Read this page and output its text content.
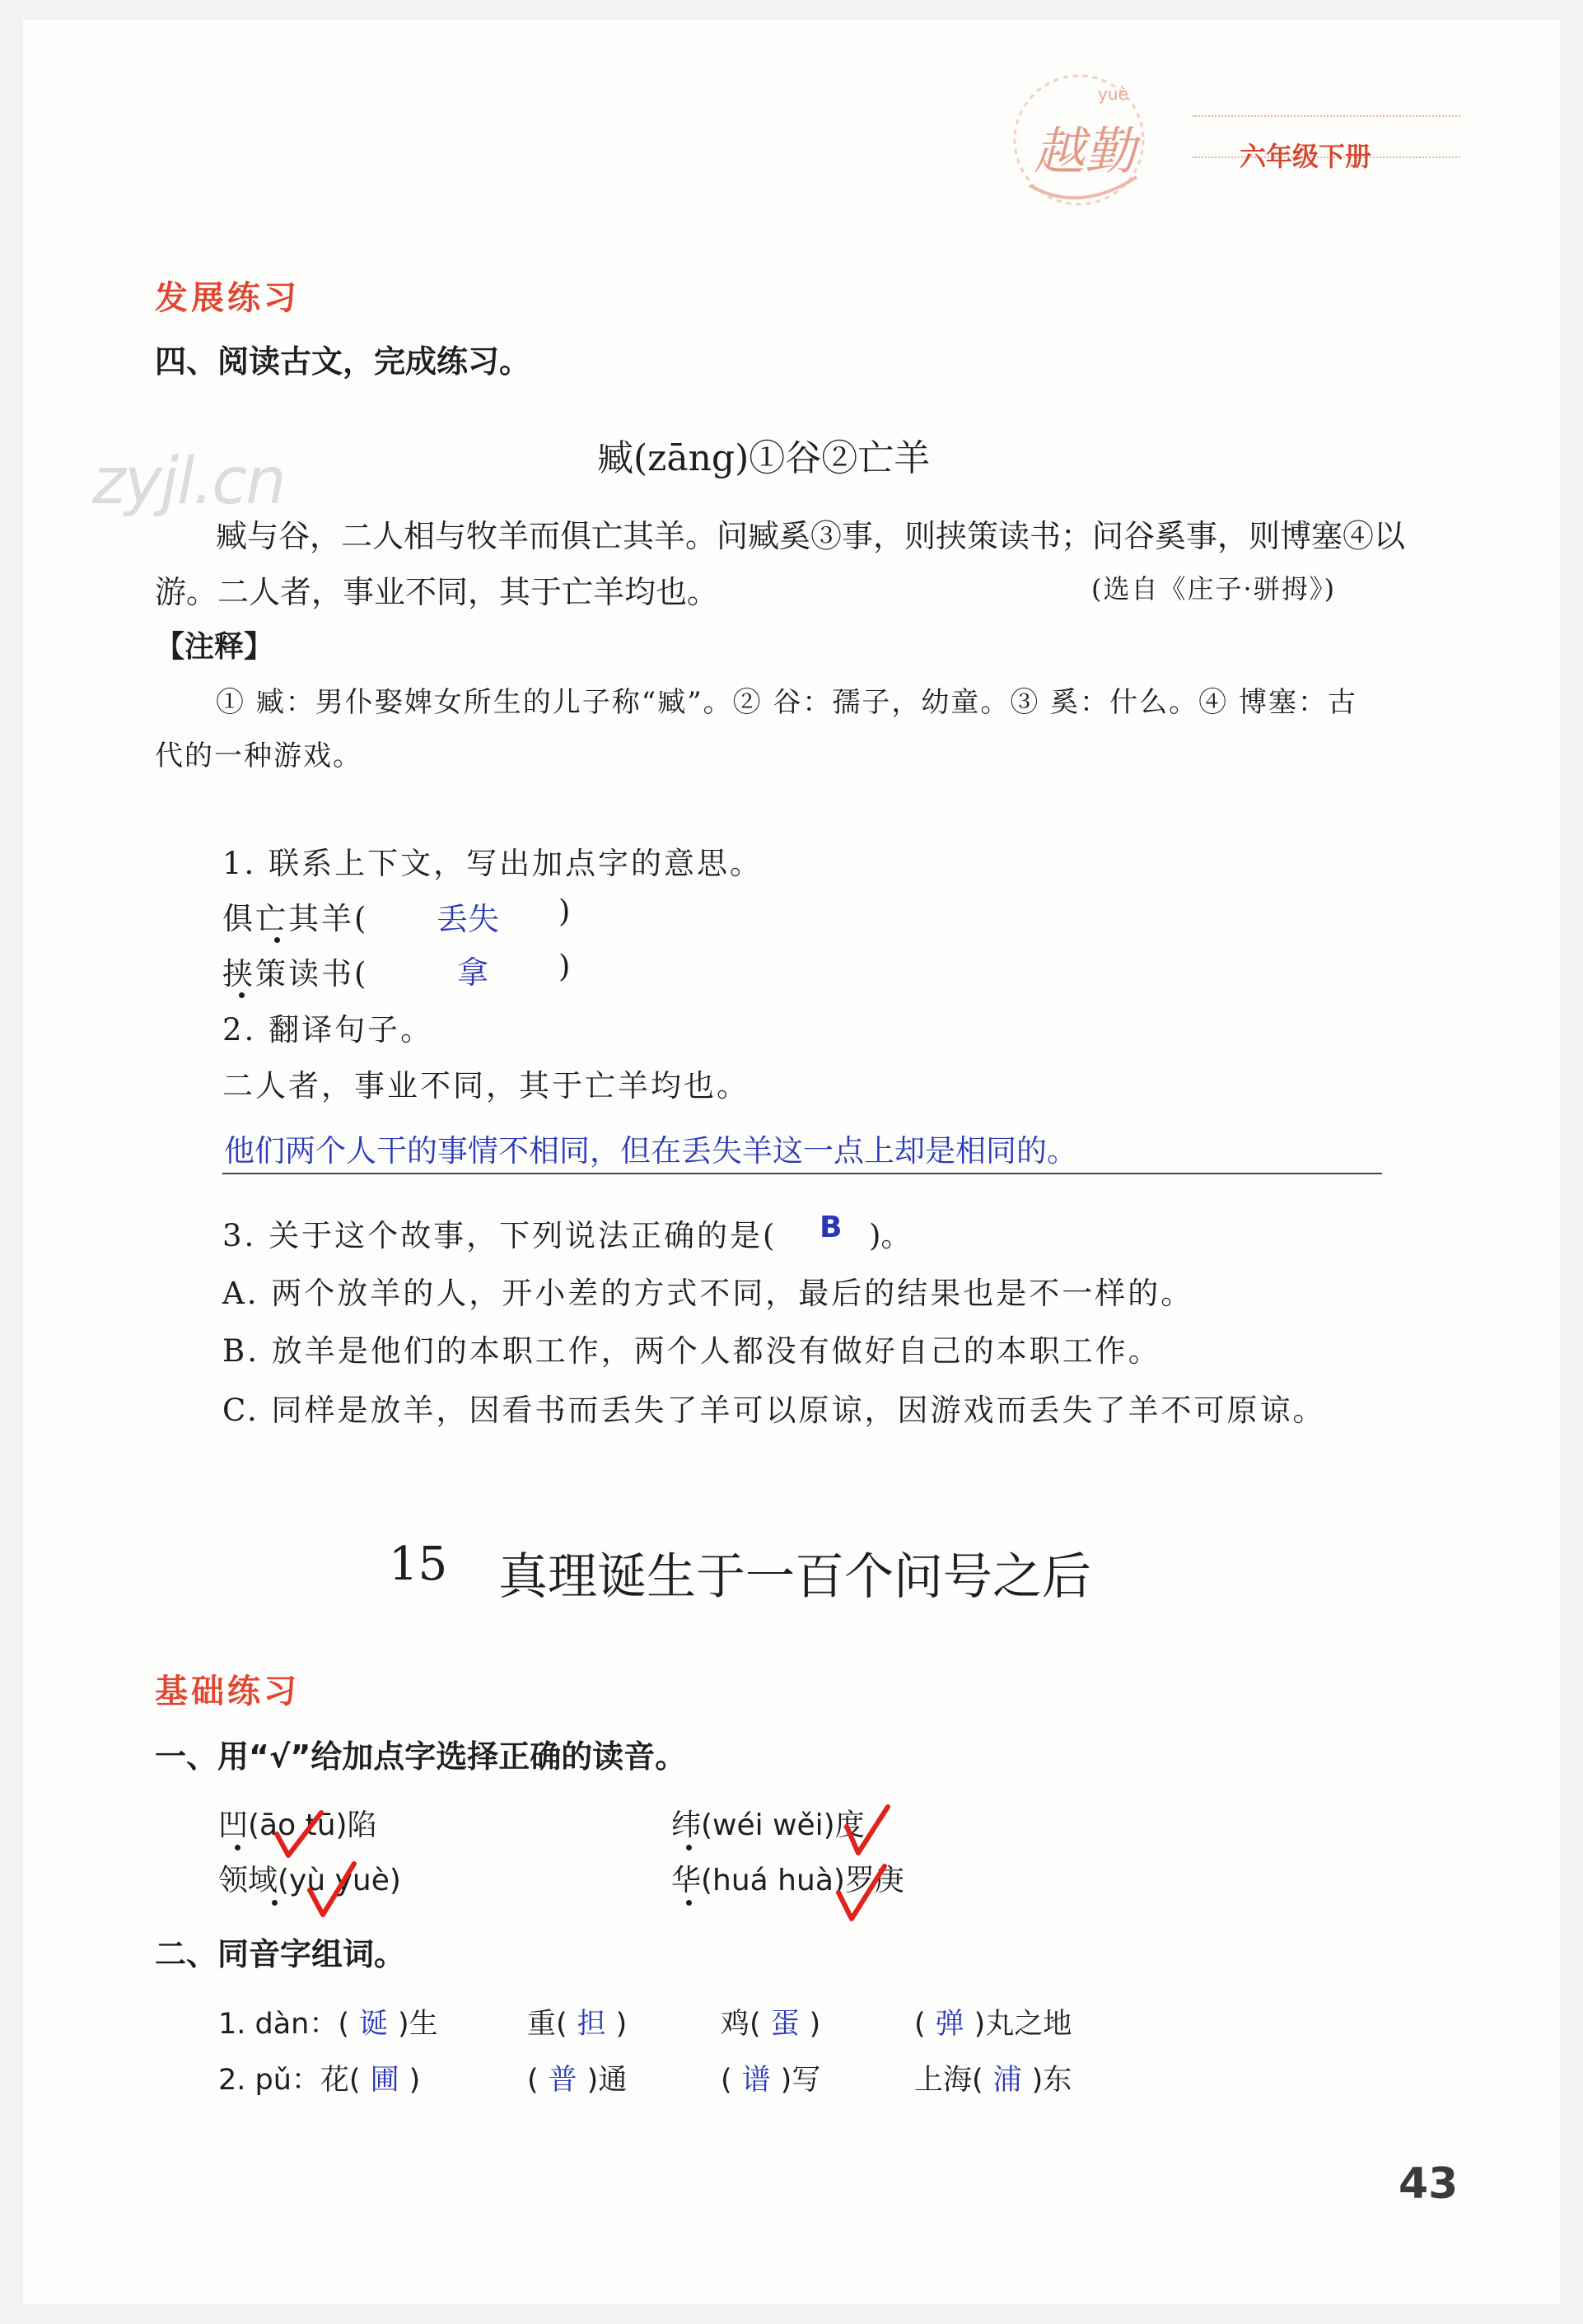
yuè
越勤	六年级下册
zyjl.cn
发展练习
四、阅读古文，完成练习。
臧(zāng)①谷②亡羊
臧与谷，二人相与牧羊而俱亡其羊。问臧奚③事，则挟策读书；问谷奚事，则博塞④以
游。二人者，事业不同，其于亡羊均也。	(选自《庄子·骈拇》)
【注释】
① 臧：男仆娶婢女所生的儿子称“臧”。② 谷：孺子，幼童。③ 奚：什么。④ 博塞：古
代的一种游戏。
1. 联系上下文，写出加点字的意思。
俱亡其羊( 丢失 )
挟策读书(	拿 )
2. 翻译句子。
二人者，事业不同，其于亡羊均也。
他们两个人干的事情不相同，但在丢失羊这一点上却是相同的。
3. 关于这个故事，下列说法正确的是( B )。
A. 两个放羊的人，开小差的方式不同，最后的结果也是不一样的。
B. 放羊是他们的本职工作，两个人都没有做好自己的本职工作。
C. 同样是放羊，因看书而丢失了羊可以原谅，因游戏而丢失了羊不可原谅。
15 真理诞生于一百个问号之后
基础练习
一、用“√”给加点字选择正确的读音。
凹(āo tū)陷	纬(wéi wěi)度
领域(yù yuè)	华(huá huà)罗庚
二、同音字组词。
1. dàn：( 诞 )生	重( 担 )	鸡( 蛋 )	( 弹 )丸之地
2. pǔ：花( 圃 )	( 普 )通	( 谱 )写	上海( 浦 )东
43
